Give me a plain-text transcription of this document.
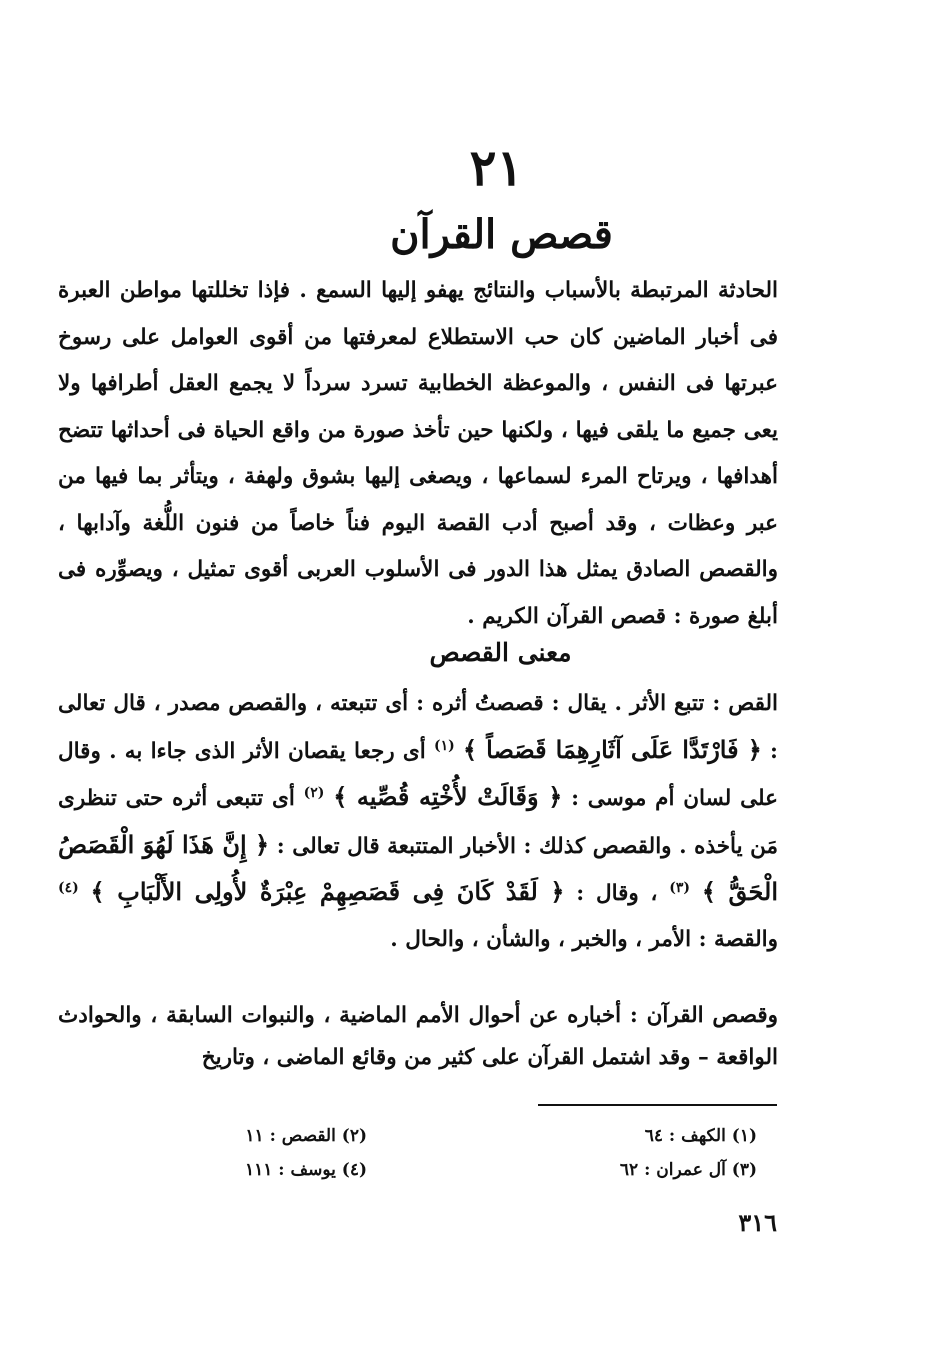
٢١
قصص القرآن

الحادثة المرتبطة بالأسباب والنتائج يهفو إليها السمع . فإذا تخللتها مواطن العبرة فى أخبار الماضين كان حب الاستطلاع لمعرفتها من أقوى العوامل على رسوخ عبرتها فى النفس ، والموعظة الخطابية تسرد سرداً لا يجمع العقل أطرافها ولا يعى جميع ما يلقى فيها ، ولكنها حين تأخذ صورة من واقع الحياة فى أحداثها تتضح أهدافها ، ويرتاح المرء لسماعها ، ويصغى إليها بشوق ولهفة ، ويتأثر بما فيها من عبر وعظات ، وقد أصبح أدب القصة اليوم فناً خاصاً من فنون اللُّغة وآدابها ، والقصص الصادق يمثل هذا الدور فى الأسلوب العربى أقوى تمثيل ، ويصوِّره فى أبلغ صورة : قصص القرآن الكريم .

معنى القصص

القص : تتبع الأثر . يقال : قصصتُ أثره : أى تتبعته ، والقصص مصدر ، قال تعالى : ﴿ فَارْتَدَّا عَلَى آثَارِهِمَا قَصَصاً ﴾ $^{(١)}$ أى رجعا يقصان الأثر الذى جاءا به . وقال على لسان أم موسى : ﴿ وَقَالَتْ لأُخْتِه قُصِّيه ﴾ $^{(٢)}$ أى تتبعى أثره حتى تنظرى مَن يأخذه . والقصص كذلك : الأخبار المتتبعة قال تعالى : ﴿ إِنَّ هَذَا لَهُوَ الْقَصَصُ الْحَقُّ ﴾ $^{(٣)}$ ، وقال : ﴿ لَقَدْ كَانَ فِى قَصَصِهِمْ عِبْرَةٌ لأُولِى الأَلْبَابِ ﴾ $^{(٤)}$ والقصة : الأمر ، والخبر ، والشأن ، والحال .

وقصص القرآن : أخباره عن أحوال الأمم الماضية ، والنبوات السابقة ، والحوادث الواقعة – وقد اشتمل القرآن على كثير من وقائع الماضى ، وتاريخ

(١) الكهف : ٦٤
(٢) القصص : ١١
(٣) آل عمران : ٦٢
(٤) يوسف : ١١١
٣١٦
